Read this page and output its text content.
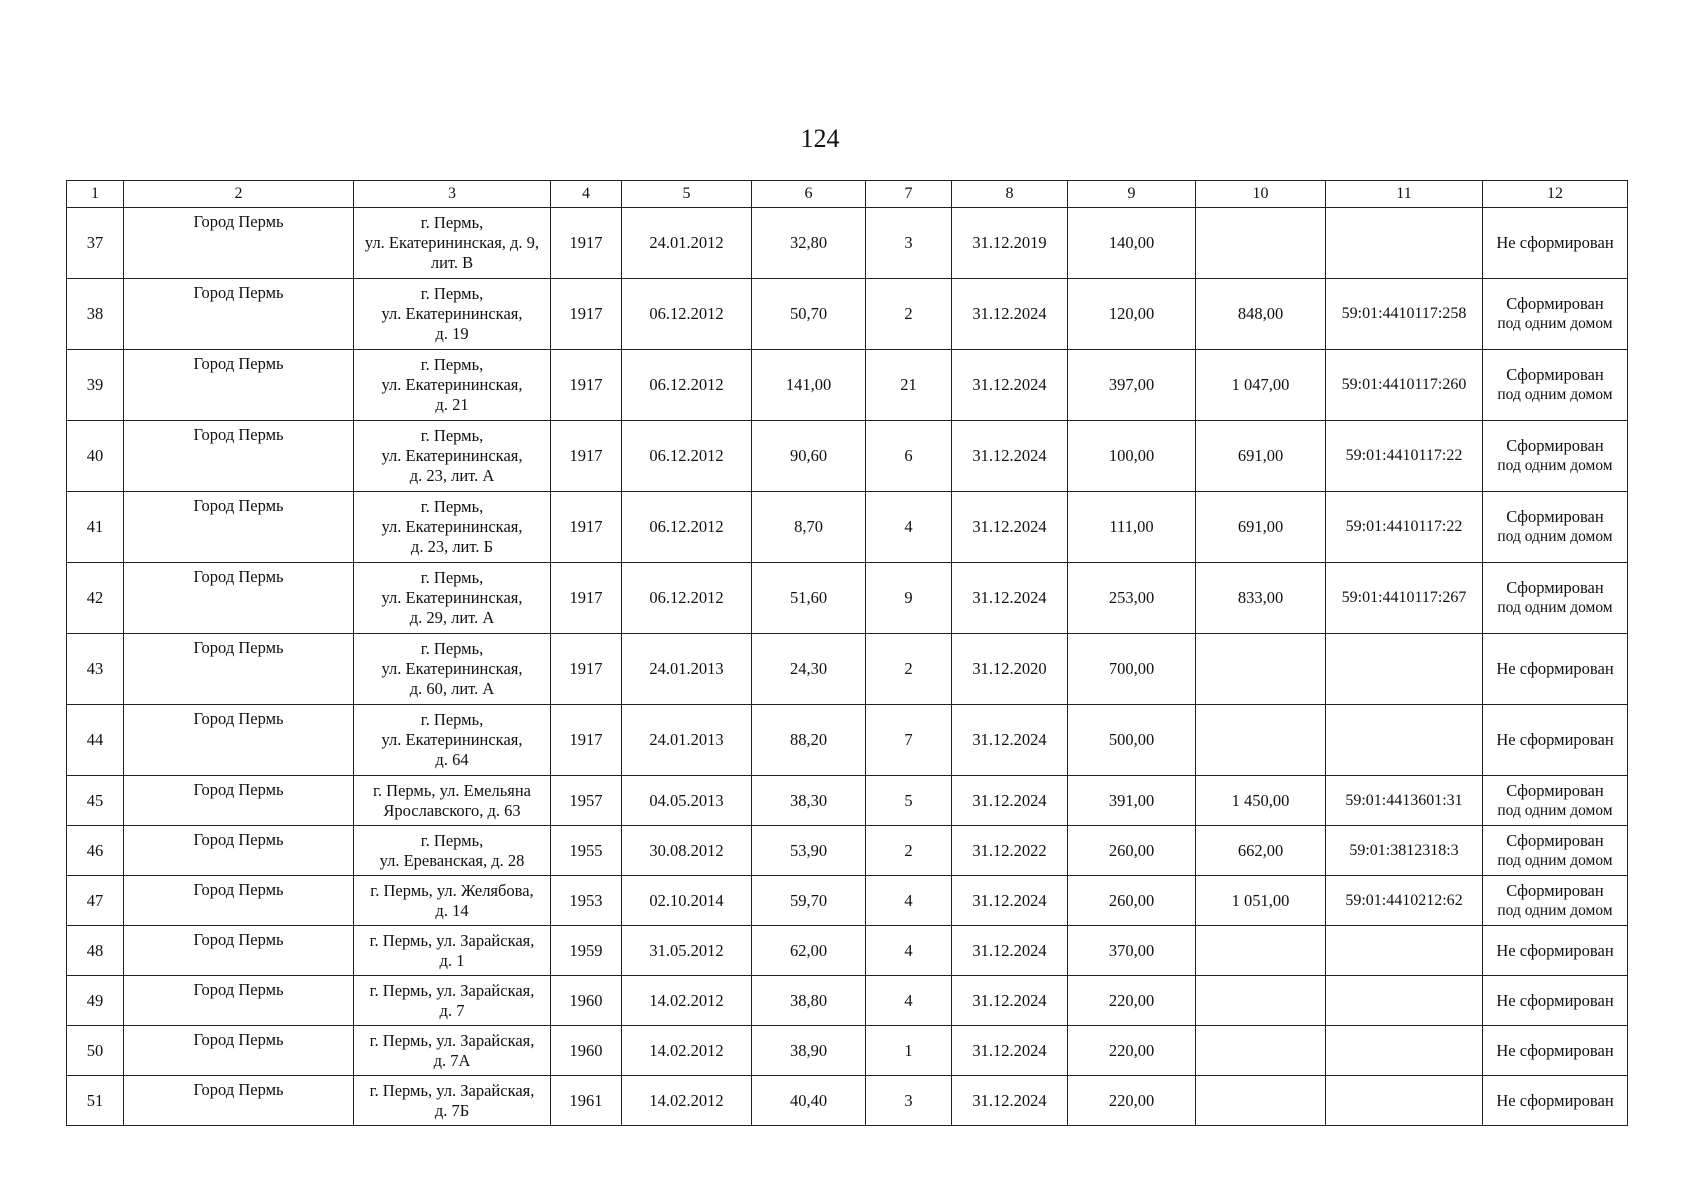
124
1	2	3	4	5	6	7	8	9	10	11	12
37	Город Пермь	г. Пермь,
ул. Екатерининская, д. 9,
лит. В	1917	24.01.2012	32,80	3	31.12.2019	140,00			Не сформирован

38	Город Пермь	г. Пермь,
ул. Екатерининская,
д. 19	1917	06.12.2012	50,70	2	31.12.2024	120,00	848,00	59:01:4410117:258	Сформирован
под одним домом

39	Город Пермь	г. Пермь,
ул. Екатерининская,
д. 21	1917	06.12.2012	141,00	21	31.12.2024	397,00	1 047,00	59:01:4410117:260	Сформирован
под одним домом

40	Город Пермь	г. Пермь,
ул. Екатерининская,
д. 23, лит. А	1917	06.12.2012	90,60	6	31.12.2024	100,00	691,00	59:01:4410117:22	Сформирован
под одним домом

41	Город Пермь	г. Пермь,
ул. Екатерининская,
д. 23, лит. Б	1917	06.12.2012	8,70	4	31.12.2024	111,00	691,00	59:01:4410117:22	Сформирован
под одним домом

42	Город Пермь	г. Пермь,
ул. Екатерининская,
д. 29, лит. А	1917	06.12.2012	51,60	9	31.12.2024	253,00	833,00	59:01:4410117:267	Сформирован
под одним домом

43	Город Пермь	г. Пермь,
ул. Екатерининская,
д. 60, лит. А	1917	24.01.2013	24,30	2	31.12.2020	700,00			Не сформирован

44	Город Пермь	г. Пермь,
ул. Екатерининская,
д. 64	1917	24.01.2013	88,20	7	31.12.2024	500,00			Не сформирован

45	Город Пермь	г. Пермь, ул. Емельяна
Ярославского, д. 63	1957	04.05.2013	38,30	5	31.12.2024	391,00	1 450,00	59:01:4413601:31	Сформирован
под одним домом

46	Город Пермь	г. Пермь,
ул. Ереванская, д. 28	1955	30.08.2012	53,90	2	31.12.2022	260,00	662,00	59:01:3812318:3	Сформирован
под одним домом

47	Город Пермь	г. Пермь, ул. Желябова,
д. 14	1953	02.10.2014	59,70	4	31.12.2024	260,00	1 051,00	59:01:4410212:62	Сформирован
под одним домом

48	Город Пермь	г. Пермь, ул. Зарайская,
д. 1	1959	31.05.2012	62,00	4	31.12.2024	370,00			Не сформирован

49	Город Пермь	г. Пермь, ул. Зарайская,
д. 7	1960	14.02.2012	38,80	4	31.12.2024	220,00			Не сформирован

50	Город Пермь	г. Пермь, ул. Зарайская,
д. 7А	1960	14.02.2012	38,90	1	31.12.2024	220,00			Не сформирован

51	Город Пермь	г. Пермь, ул. Зарайская,
д. 7Б	1961	14.02.2012	40,40	3	31.12.2024	220,00			Не сформирован
